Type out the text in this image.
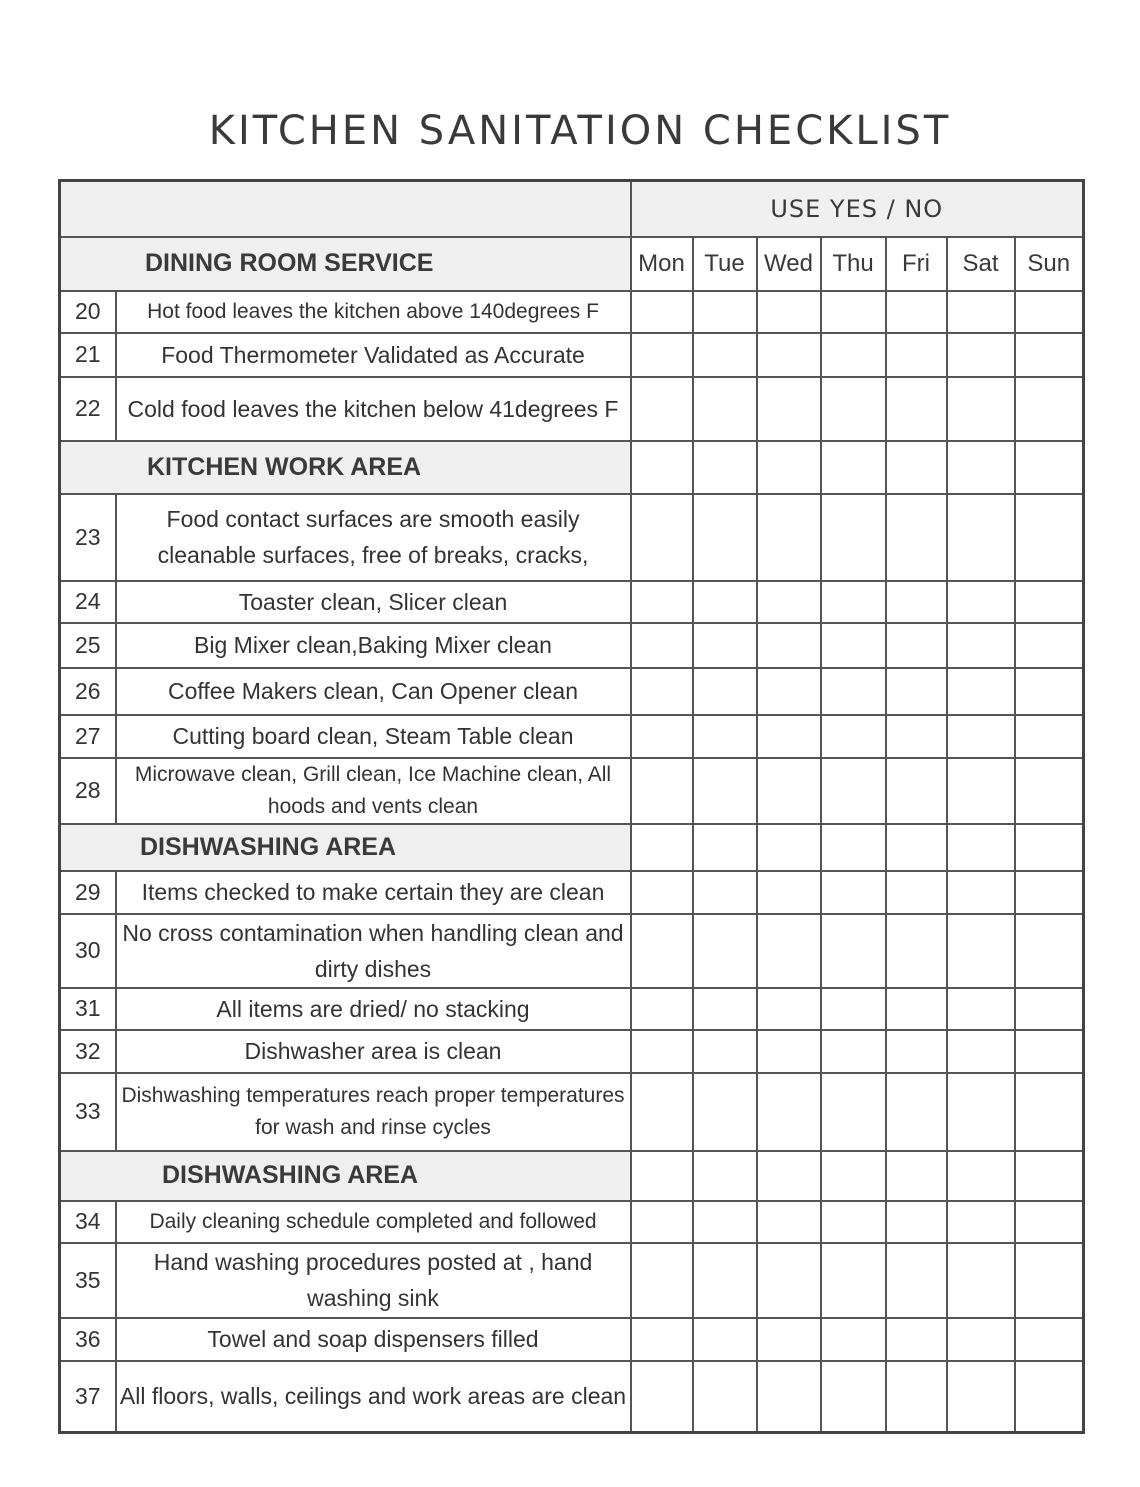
KITCHEN SANITATION CHECKLIST
		USE YES / NO						
DINING ROOM SERVICE		Mon	Tue	Wed	Thu	Fri	Sat	Sun
20	Hot food leaves the kitchen above 140degrees F							
21	Food Thermometer Validated as Accurate							
22	Cold food leaves the kitchen below 41degrees F							
KITCHEN WORK AREA								
23	Food contact surfaces are smooth easily cleanable surfaces, free of breaks, cracks,							
24	Toaster clean, Slicer clean							
25	Big Mixer clean,Baking Mixer clean							
26	Coffee Makers clean, Can Opener clean							
27	Cutting board clean, Steam Table clean							
28	Microwave clean, Grill clean, Ice Machine clean, All hoods and vents clean							
DISHWASHING AREA								
29	Items checked to make certain they are clean							
30	No cross contamination when handling clean and dirty dishes							
31	All items are dried/ no stacking							
32	Dishwasher area is clean							
33	Dishwashing temperatures reach proper temperatures for wash and rinse cycles							
DISHWASHING AREA								
34	Daily cleaning schedule completed and followed							
35	Hand washing procedures posted at , hand washing sink							
36	Towel and soap dispensers filled							
37	All floors, walls, ceilings and work areas are clean							
